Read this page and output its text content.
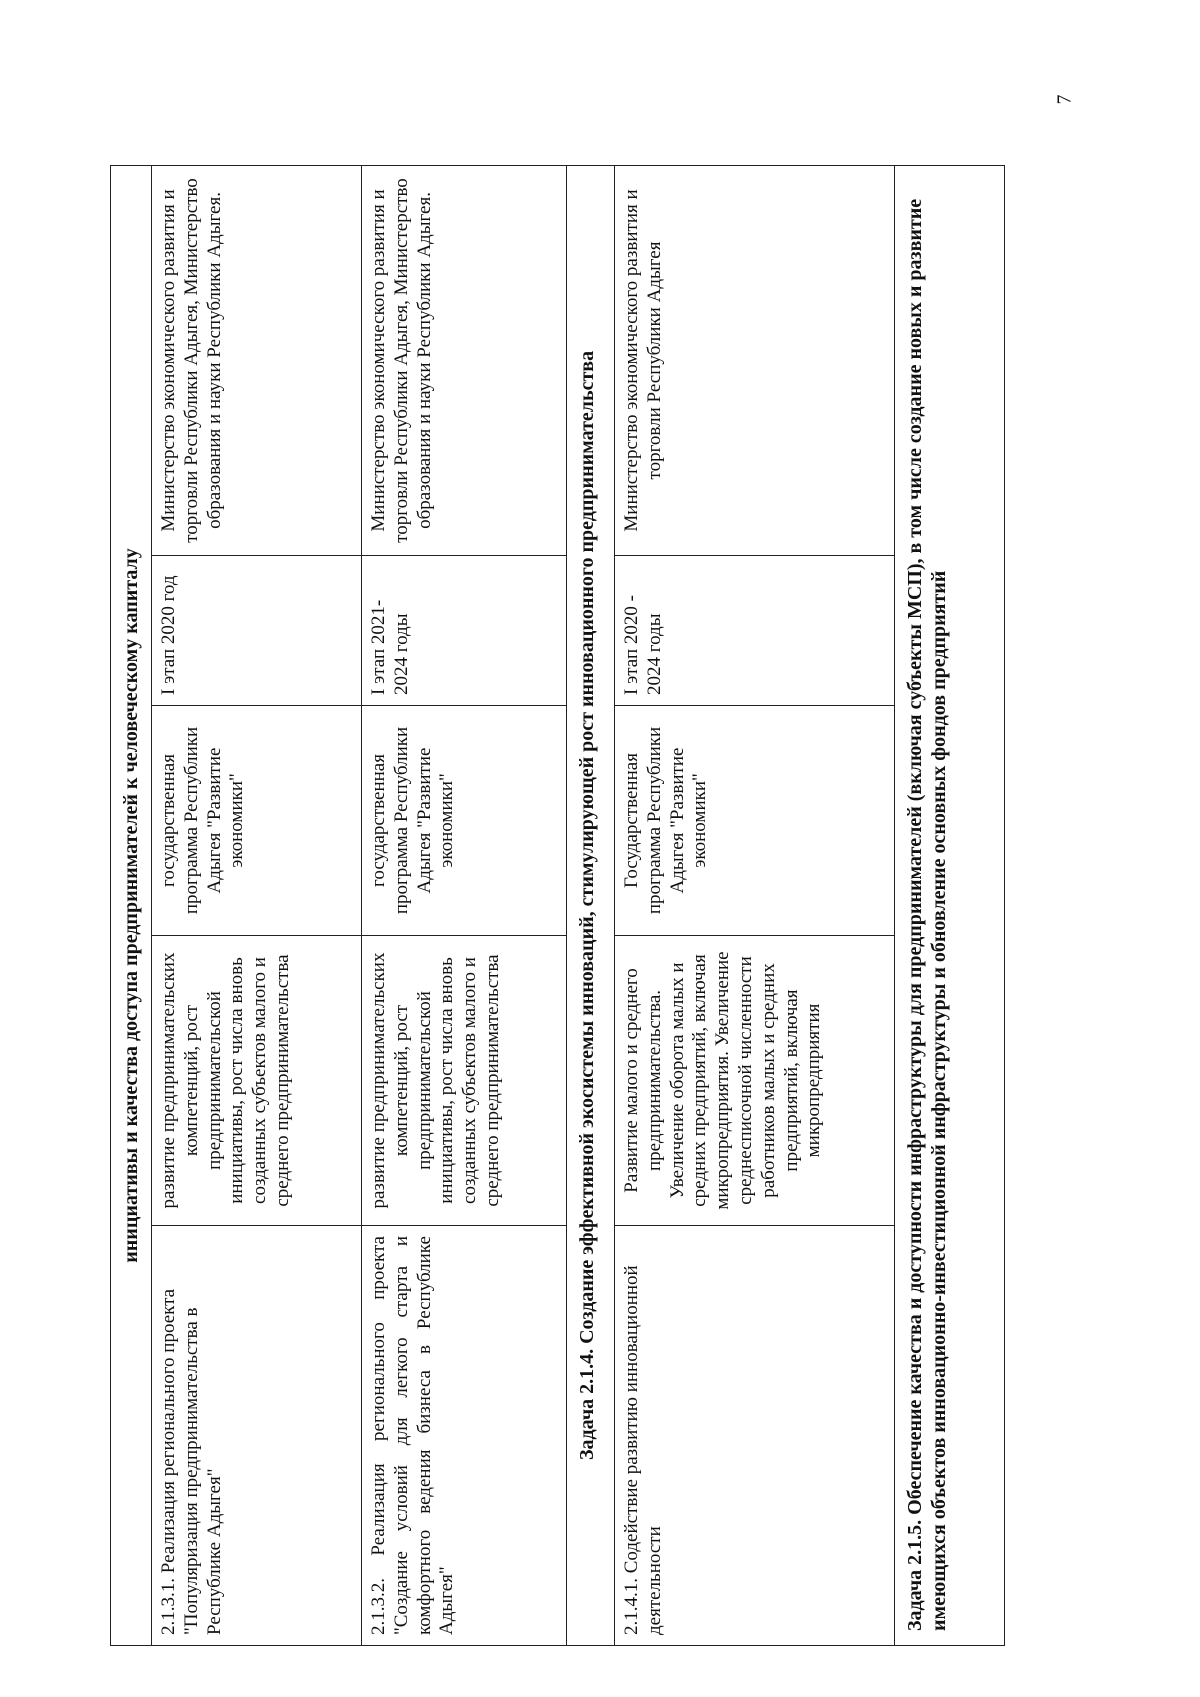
7
инициативы и качества доступа предпринимателей к человеческому капиталу				
2.1.3.1. Реализация регионального проекта "Популяризация предпринимательства в Республике Адыгея"	развитие предпринимательских компетенций, рост предпринимательской инициативы, рост числа вновь созданных субъектов малого и среднего предпринимательства	государственная программа Республики Адыгея "Развитие экономики"	I этап 2020 год	Министерство экономического развития и торговли Республики Адыгея, Министерство образования и науки Республики Адыгея.
2.1.3.2. Реализация регионального проекта "Создание условий для легкого старта и комфортного ведения бизнеса в Республике Адыгея"	развитие предпринимательских компетенций, рост предпринимательской инициативы, рост числа вновь созданных субъектов малого и среднего предпринимательства	государственная программа Республики Адыгея "Развитие экономики"	I этап 2021-2024 годы	Министерство экономического развития и торговли Республики Адыгея, Министерство образования и науки Республики Адыгея.
Задача 2.1.4. Создание эффективной экосистемы инноваций, стимулирующей рост инновационного предпринимательства				
2.1.4.1. Содействие развитию инновационной деятельности	Развитие малого и среднего предпринимательства. Увеличение оборота малых и средних предприятий, включая микропредприятия. Увеличение среднесписочной численности работников малых и средних предприятий, включая микропредприятия	Государственная программа Республики Адыгея "Развитие экономики"	I этап 2020 - 2024 годы	Министерство экономического развития и торговли Республики Адыгея
Задача 2.1.5. Обеспечение качества и доступности инфраструктуры для предпринимателей (включая субъекты МСП), в том числе создание новых и развитие имеющихся объектов инновационно-инвестиционной инфраструктуры и обновление основных фондов предприятий				
